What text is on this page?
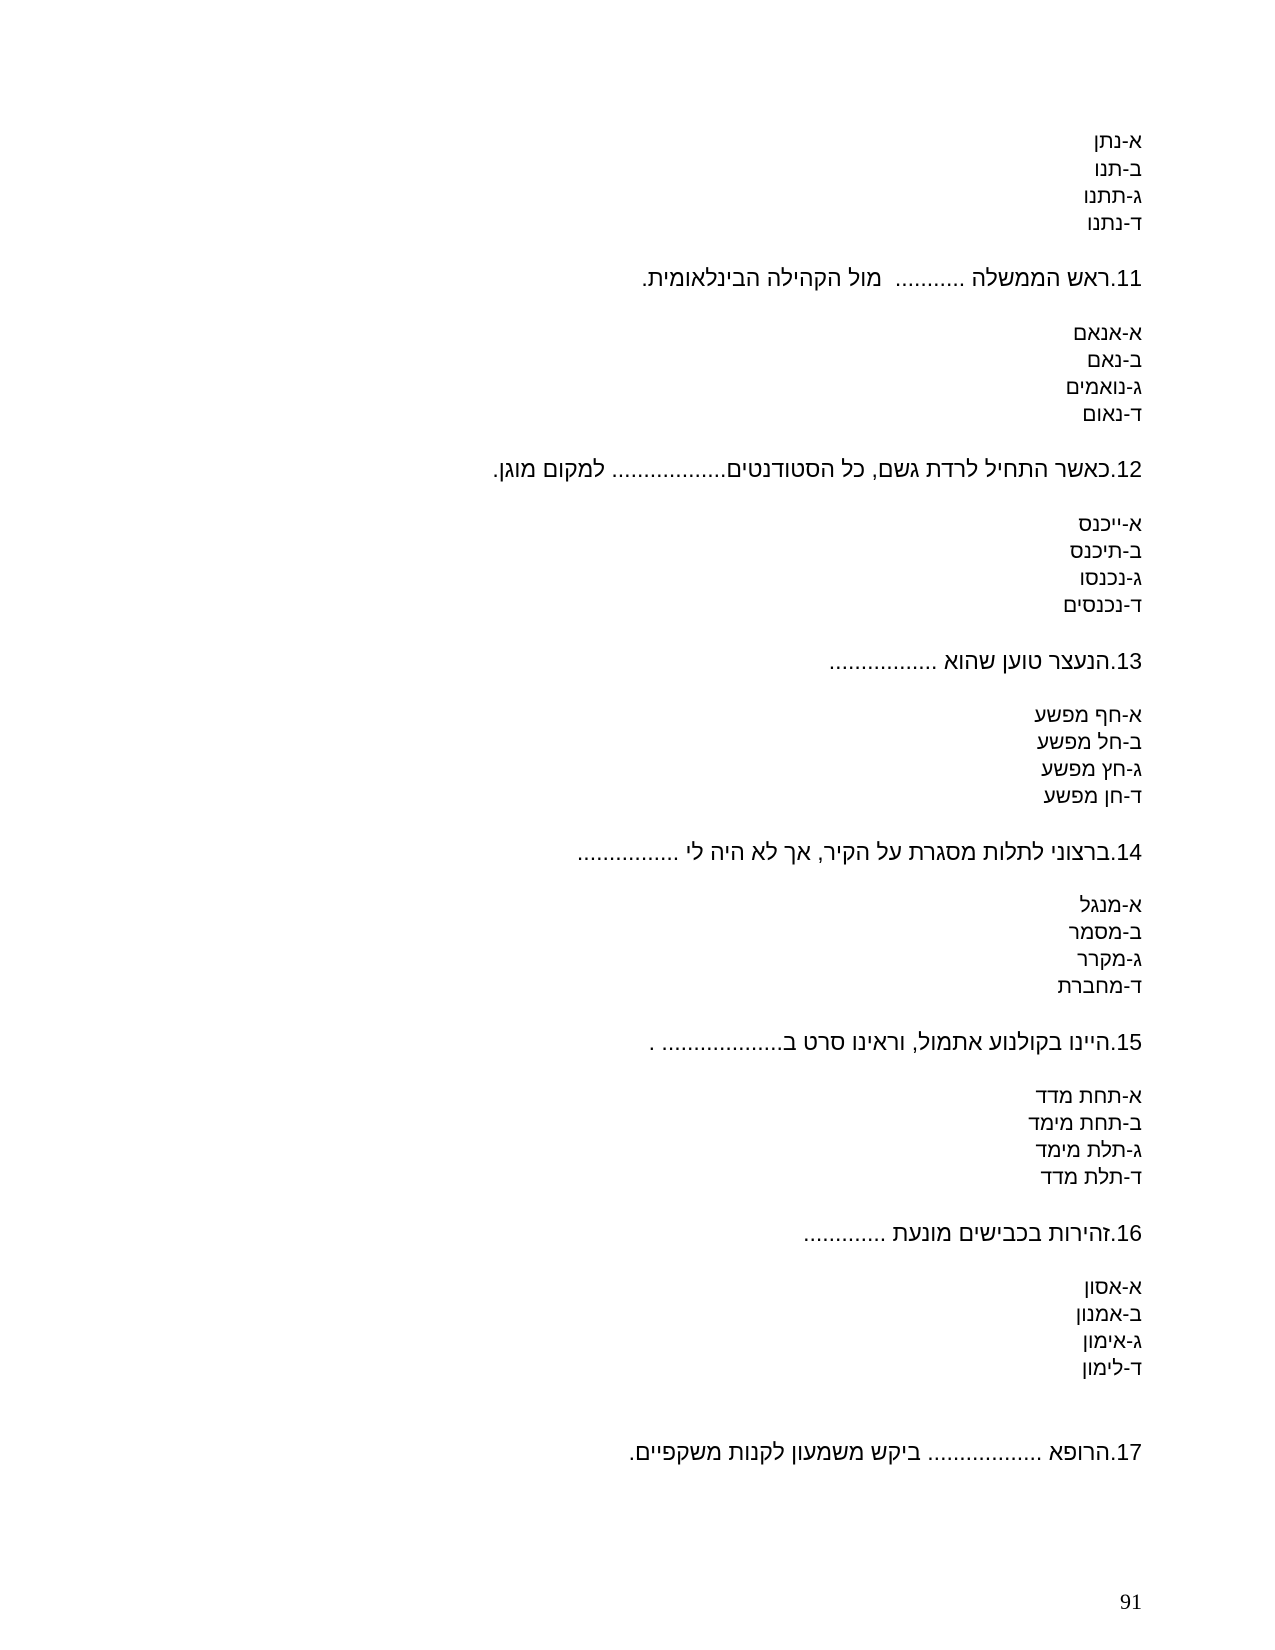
א-נתן
ב-תנו
ג-תתנו
ד-נתנו
11.ראש הממשלה ...........  מול הקהילה הבינלאומית.
א-אנאם
ב-נאם
ג-נואמים
ד-נאום
12.כאשר התחיל לרדת גשם, כל הסטודנטים.................. למקום מוגן.
א-ייכנס
ב-תיכנס
ג-נכנסו
ד-נכנסים
13.הנעצר טוען שהוא .................
א-חף מפשע
ב-חל מפשע
ג-חץ מפשע
ד-חן מפשע
14.ברצוני לתלות מסגרת על הקיר, אך לא היה לי ................
א-מנגל
ב-מסמר
ג-מקרר
ד-מחברת
15.היינו בקולנוע אתמול, וראינו סרט ב................... .
א-תחת מדד
ב-תחת מימד
ג-תלת מימד
ד-תלת מדד
16.זהירות בכבישים מונעת .............
א-אסון
ב-אמנון
ג-אימון
ד-לימון
17.הרופא .................. ביקש משמעון לקנות משקפיים.
91
